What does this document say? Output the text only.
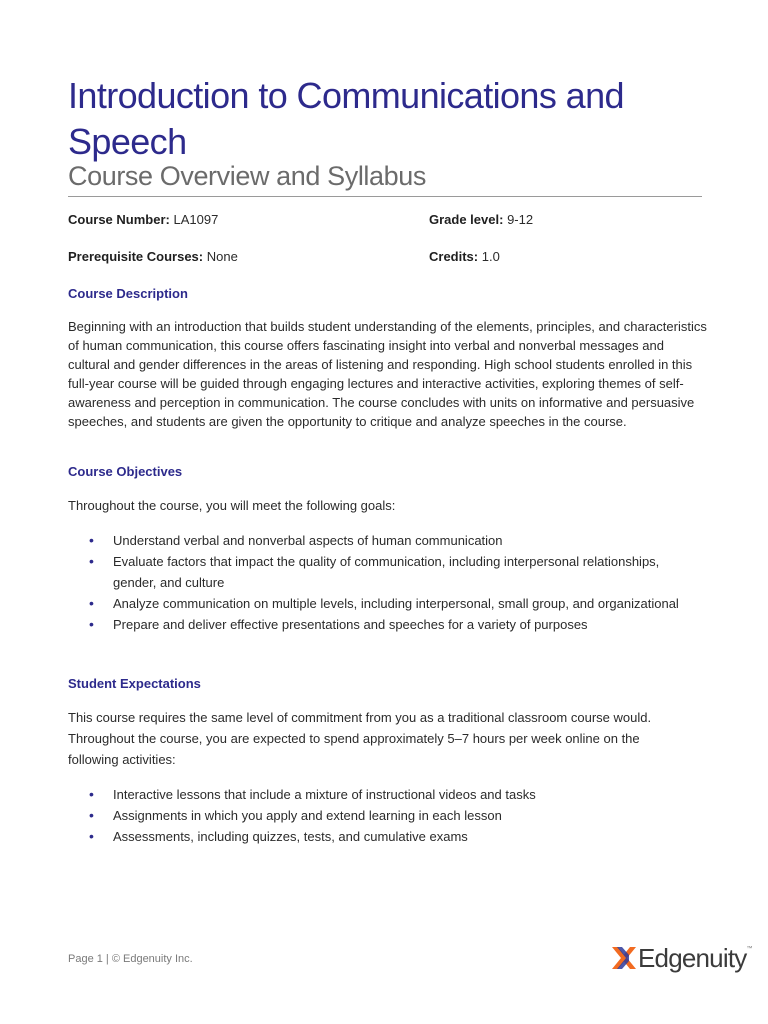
Introduction to Communications and Speech
Course Overview and Syllabus
Course Number: LA1097	Grade level: 9-12
Prerequisite Courses: None	Credits: 1.0
Course Description

Beginning with an introduction that builds student understanding of the elements, principles, and characteristics of human communication, this course offers fascinating insight into verbal and nonverbal messages and cultural and gender differences in the areas of listening and responding. High school students enrolled in this full-year course will be guided through engaging lectures and interactive activities, exploring themes of self-awareness and perception in communication. The course concludes with units on informative and persuasive speeches, and students are given the opportunity to critique and analyze speeches in the course.

Course Objectives

Throughout the course, you will meet the following goals:

• Understand verbal and nonverbal aspects of human communication
• Evaluate factors that impact the quality of communication, including interpersonal relationships, gender, and culture
• Analyze communication on multiple levels, including interpersonal, small group, and organizational
• Prepare and deliver effective presentations and speeches for a variety of purposes
Student Expectations

This course requires the same level of commitment from you as a traditional classroom course would. Throughout the course, you are expected to spend approximately 5–7 hours per week online on the following activities:

• Interactive lessons that include a mixture of instructional videos and tasks
• Assignments in which you apply and extend learning in each lesson
• Assessments, including quizzes, tests, and cumulative exams
Page 1 | © Edgenuity Inc.	Edgenuity ™
